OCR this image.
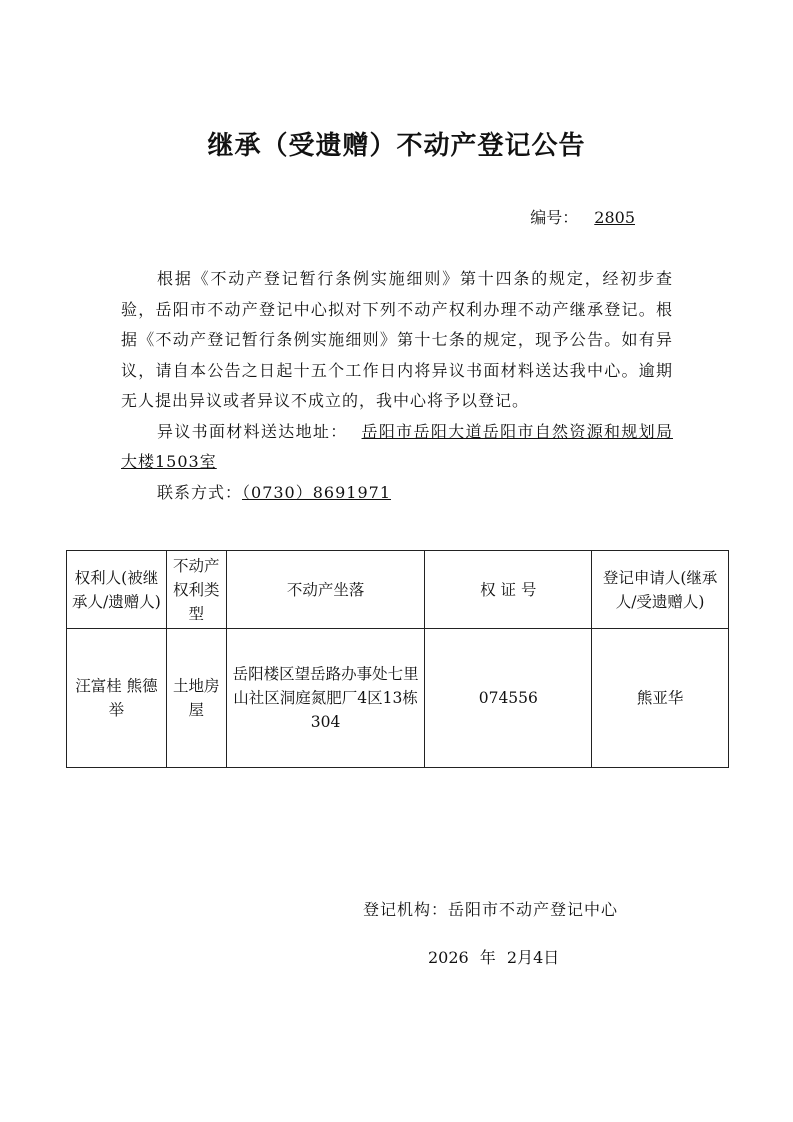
继承（受遗赠）不动产登记公告
编号： 2805

根据《不动产登记暂行条例实施细则》第十四条的规定，经初步查验，岳阳市不动产登记中心拟对下列不动产权利办理不动产继承登记。根据《不动产登记暂行条例实施细则》第十七条的规定，现予公告。如有异议，请自本公告之日起十五个工作日内将异议书面材料送达我中心。逾期无人提出异议或者异议不成立的，我中心将予以登记。

异议书面材料送达地址： 岳阳市岳阳大道岳阳市自然资源和规划局大楼1503室

联系方式：（0730）8691971

权利人(被继承人/遗赠人)	不动产权利类型	不动产坐落	权 证 号	登记申请人(继承人/受遗赠人)
汪富桂 熊德举	土地房屋	岳阳楼区望岳路办事处七里山社区洞庭氮肥厂4区13栋304	074556	熊亚华
登记机构：岳阳市不动产登记中心
2026 年 2月4日
